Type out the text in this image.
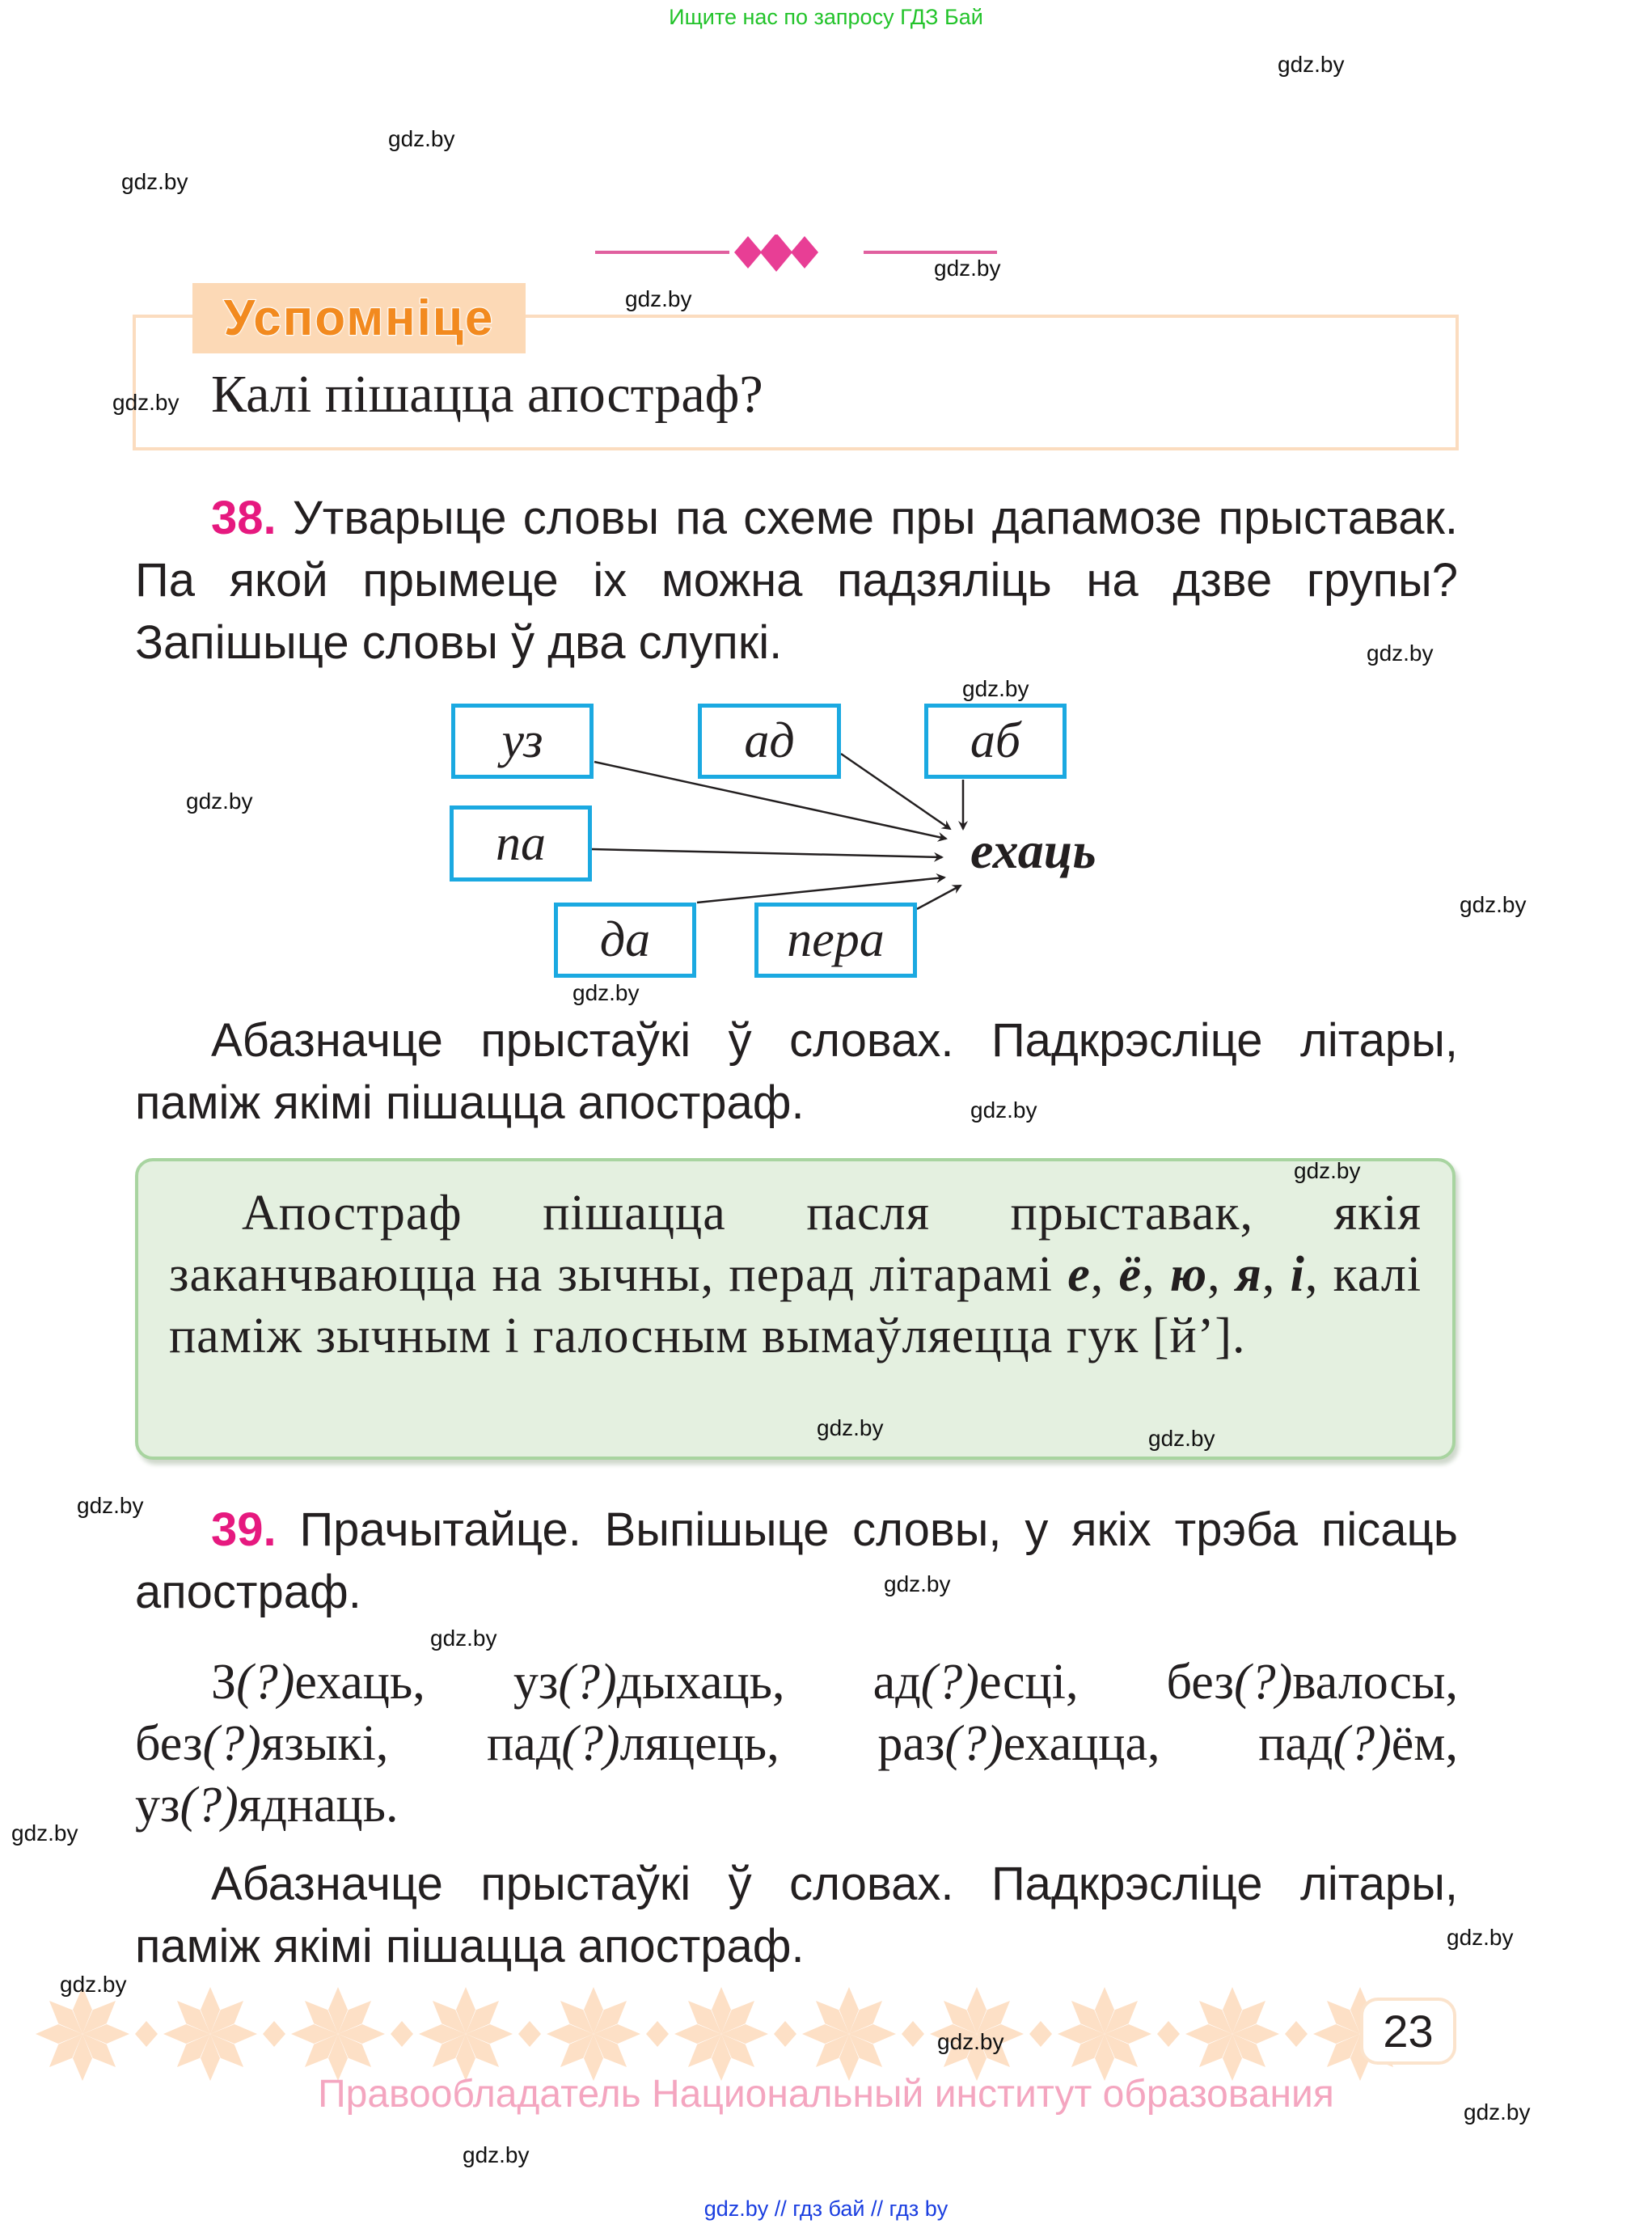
Ищите нас по запросу ГДЗ Бай
Успомніце
Калі пішацца апостраф?
38. Утварыце словы па схеме пры дапамозе прыставак. Па якой прымеце іх можна падзяліць на дзве групы? Запішыце словы ў два слупкі.
уз	ад	аб
па
да	пера
ехаць
Абазначце прыстаўкі ў словах. Падкрэсліце літары, паміж якімі пішацца апостраф.

Апостраф пішацца пасля прыставак, якія заканчваюцца на зычны, перад літарамі е, ё, ю, я, і, калі паміж зычным і галосным вымаўляецца гук [й’].

39. Прачытайце. Выпішыце словы, у якіх трэба пісаць апостраф.
З(?)ехаць, уз(?)дыхаць, ад(?)есці, без(?)валосы, без(?)языкі, пад(?)ляцець, раз(?)ехацца, пад(?)ём, уз(?)яднаць.
Абазначце прыстаўкі ў словах. Падкрэсліце літары, паміж якімі пішацца апостраф.
23
Правообладатель Национальный институт образования
gdz.by // гдз бай // гдз by
gdz.by
gdz.by
gdz.by
gdz.by
gdz.by
gdz.by
gdz.by
gdz.by
gdz.by
gdz.by
gdz.by
gdz.by
gdz.by
gdz.by	gdz.by
gdz.by
gdz.by
gdz.by
gdz.by
gdz.by
gdz.by
gdz.by
gdz.by
gdz.by
